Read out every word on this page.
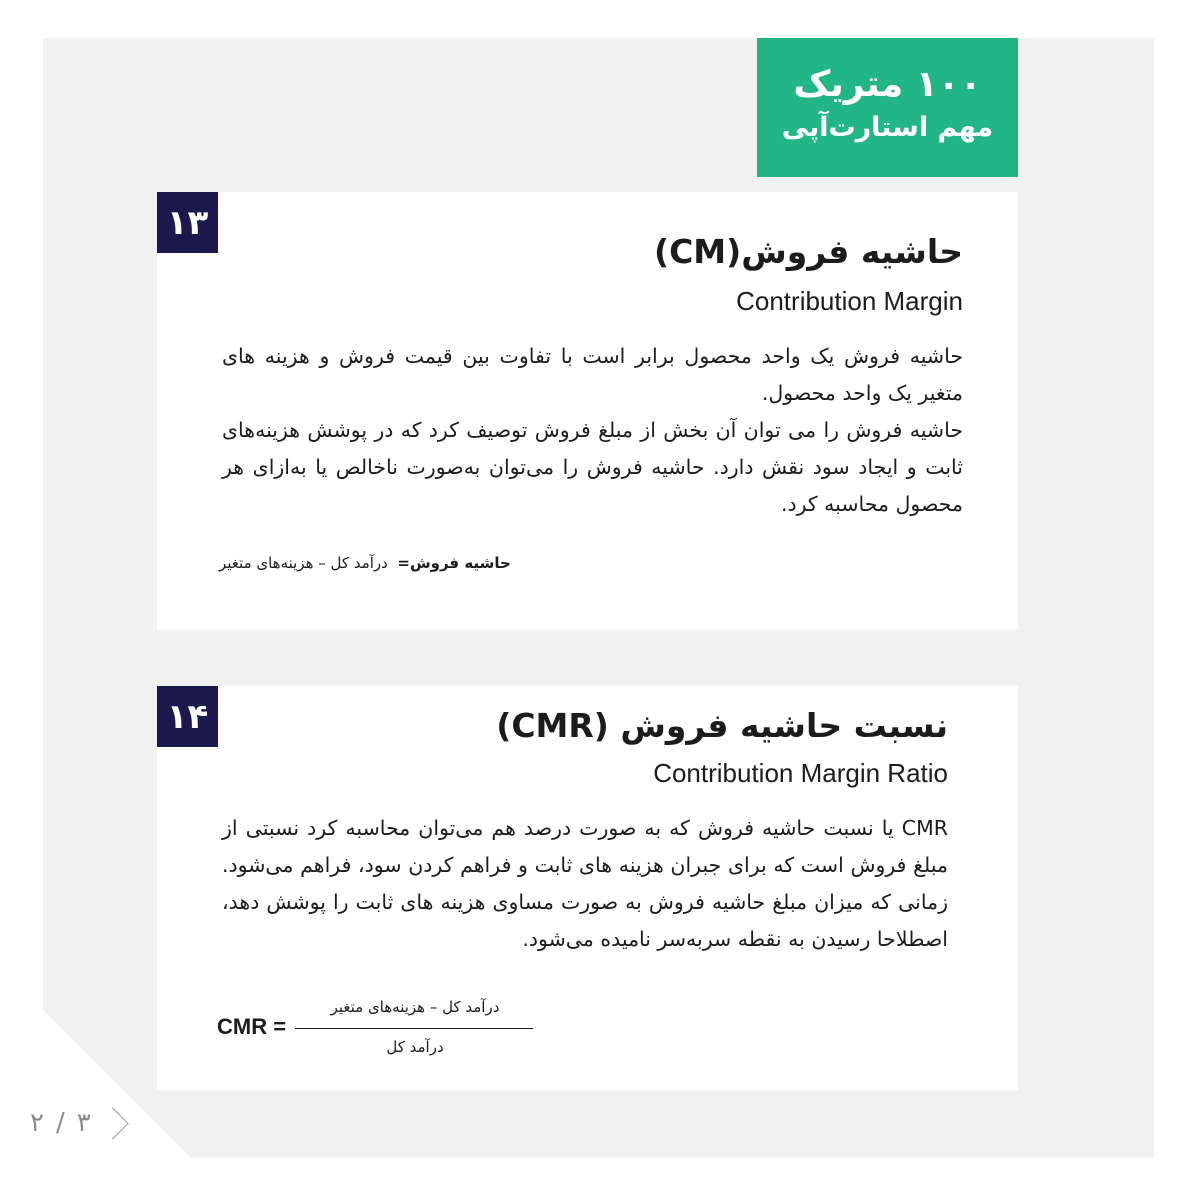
۱۰۰ متریک
مهم استارت‌آپی
۱۳
حاشیه فروش(CM)
Contribution Margin

حاشیه فروش یک واحد محصول برابر است با تفاوت بین قیمت فروش و هزینه های متغیر یک واحد محصول.

حاشیه فروش را می توان آن بخش از مبلغ فروش توصیف کرد که در پوشش هزینه‌های ثابت و ایجاد سود نقش دارد. حاشیه فروش را می‌توان به‌صورت ناخالص یا به‌ازای هر محصول محاسبه کرد.

حاشیه فروش=  درآمد کل – هزینه‌های متغیر
۱۴	نسبت حاشیه فروش (CMR)
Contribution Margin Ratio

CMR یا نسبت حاشیه فروش که به صورت درصد هم می‌توان محاسبه کرد نسبتی از مبلغ فروش است که برای جبران هزینه های ثابت و فراهم کردن سود، فراهم می‌شود. زمانی که میزان مبلغ حاشیه فروش به صورت مساوی هزینه های ثابت را پوشش دهد، اصطلاحا رسیدن به نقطه سربه‌سر نامیده می‌شود.

CMR =
درآمد کل – هزینه‌های متغیر
درآمد کل
۲ / ۳
